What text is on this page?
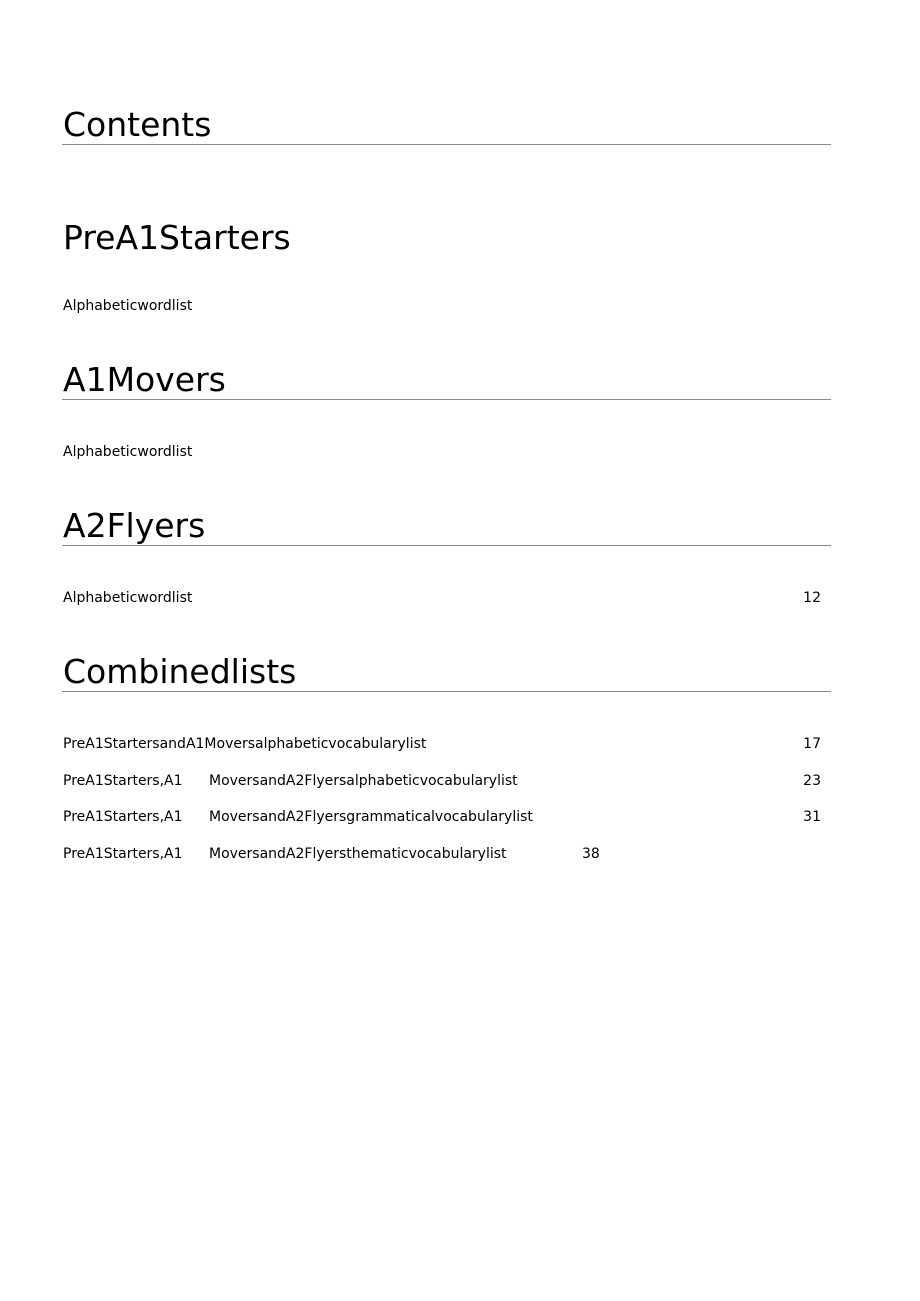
Contents
PreA1Starters
Alphabeticwordlist
A1Movers
Alphabeticwordlist
A2Flyers
Alphabeticwordlist	12
Combinedlists
PreA1StartersandA1Moversalphabeticvocabularylist	17
PreA1Starters,A1 MoversandA2Flyersalphabeticvocabularylist	23
PreA1Starters,A1 MoversandA2Flyersgrammaticalvocabularylist	31
PreA1Starters,A1 MoversandA2Flyersthematicvocabularylist	38
